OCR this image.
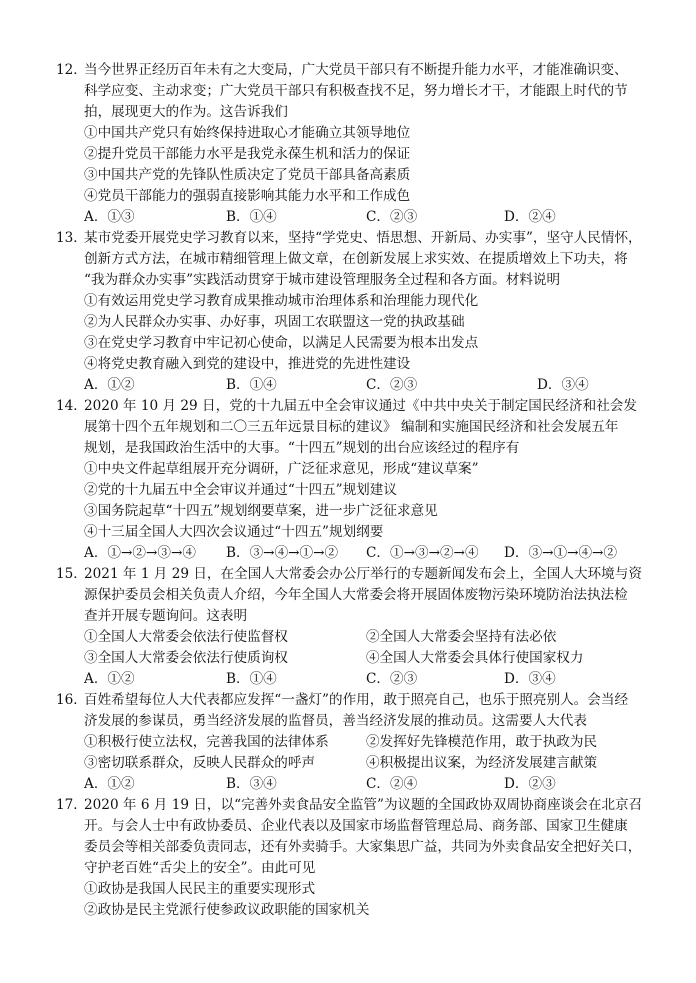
12．
当今世界正经历百年未有之大变局，广大党员干部只有不断提升能力水平，才能准确识变、
科学应变、主动求变；广大党员干部只有积极查找不足，努力增长才干，才能跟上时代的节
拍，展现更大的作为。这告诉我们
①中国共产党只有始终保持进取心才能确立其领导地位
②提升党员干部能力水平是我党永葆生机和活力的保证
③中国共产党的先锋队性质决定了党员干部具备高素质
④党员干部能力的强弱直接影响其能力水平和工作成色
A．①③	B．①④	C．②③	D．②④
13．
某市党委开展党史学习教育以来，坚持“学党史、悟思想、开新局、办实事”，坚守人民情怀，
创新方式方法，在城市精细管理上做文章，在创新发展上求实效、在提质增效上下功夫，将
“我为群众办实事”实践活动贯穿于城市建设管理服务全过程和各方面。材料说明
①有效运用党史学习教育成果推动城市治理体系和治理能力现代化
②为人民群众办实事、办好事，巩固工农联盟这一党的执政基础
③在党史学习教育中牢记初心使命，以满足人民需要为根本出发点
④将党史教育融入到党的建设中，推进党的先进性建设
A．①②	B．①④	C．②③	D．③④
14．
2020 年 10 月 29 日，党的十九届五中全会审议通过《中共中央关于制定国民经济和社会发
展第十四个五年规划和二〇三五年远景目标的建议》 编制和实施国民经济和社会发展五年
规划，是我国政治生活中的大事。“十四五”规划的出台应该经过的程序有
①中央文件起草组展开充分调研，广泛征求意见，形成“建议草案”
②党的十九届五中全会审议并通过“十四五”规划建议
③国务院起草“十四五”规划纲要草案，进一步广泛征求意见
④十三届全国人大四次会议通过“十四五”规划纲要
A．①→②→③→④ B．③→④→①→② C．①→③→②→④ D．③→①→④→②
15．
2021 年 1 月 29 日，在全国人大常委会办公厅举行的专题新闻发布会上，全国人大环境与资
源保护委员会相关负责人介绍，今年全国人大常委会将开展固体废物污染环境防治法执法检
查并开展专题询问。这表明
①全国人大常委会依法行使监督权	②全国人大常委会坚持有法必依
③全国人大常委会依法行使质询权	④全国人大常委会具体行使国家权力
A．①②	B．①④	C．②③	D．③④
16．
百姓希望每位人大代表都应发挥“一盏灯”的作用，敢于照亮自己，也乐于照亮别人。会当经
济发展的参谋员，勇当经济发展的监督员，善当经济发展的推动员。这需要人大代表
①积极行使立法权，完善我国的法律体系	②发挥好先锋模范作用，敢于执政为民
③密切联系群众，反映人民群众的呼声	④积极提出议案，为经济发展建言献策
A．①②	B．③④	C．②④	D．②③
17．
2020 年 6 月 19 日，以“完善外卖食品安全监管”为议题的全国政协双周协商座谈会在北京召
开。与会人士中有政协委员、企业代表以及国家市场监督管理总局、商务部、国家卫生健康
委员会等相关部委负责同志，还有外卖骑手。大家集思广益，共同为外卖食品安全把好关口，
守护老百姓“舌尖上的安全”。由此可见
①政协是我国人民民主的重要实现形式
②政协是民主党派行使参政议政职能的国家机关
